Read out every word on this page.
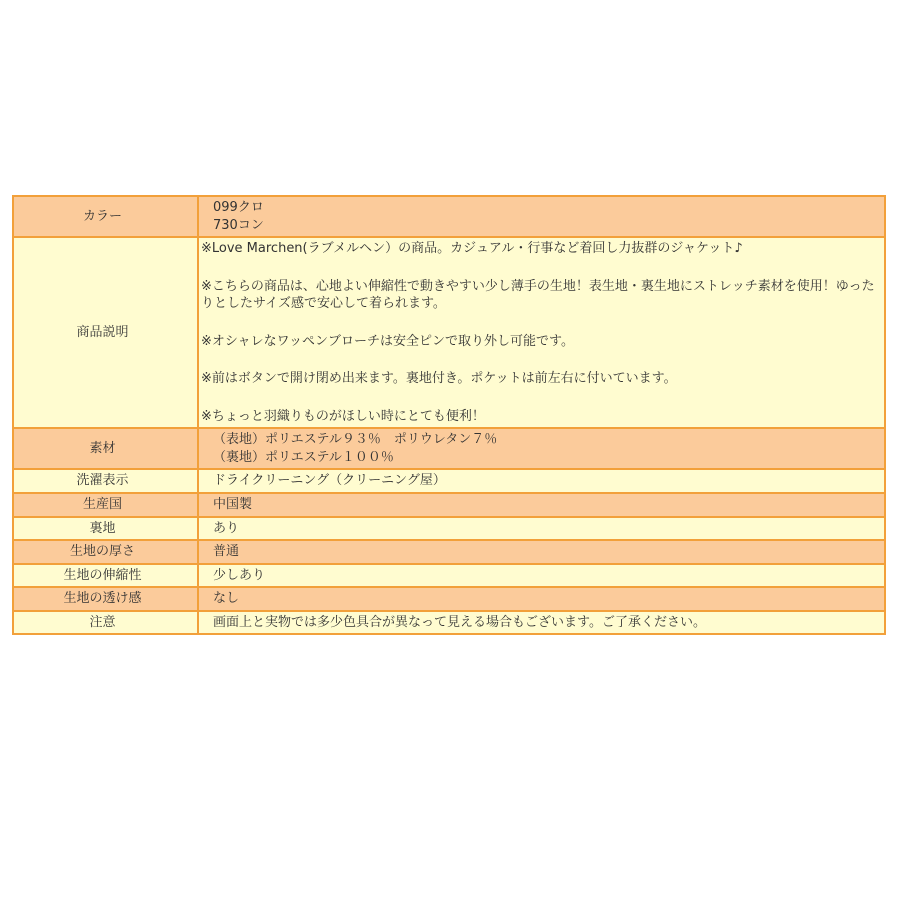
カラー	099クロ
730コン

商品説明	※Love Marchen(ラブメルヘン）の商品。カジュアル・行事など着回し力抜群のジャケット♪
※こちらの商品は、心地よい伸縮性で動きやすい少し薄手の生地！表生地・裏生地にストレッチ素材を使用！ゆったりとしたサイズ感で安心して着られます。
※オシャレなワッペンブローチは安全ピンで取り外し可能です。
※前はボタンで開け閉め出来ます。裏地付き。ポケットは前左右に付いています。
※ちょっと羽織りものがほしい時にとても便利！

素材	（表地）ポリエステル９３％　ポリウレタン７％
（裏地）ポリエステル１００％

洗濯表示	ドライクリーニング（クリーニング屋）
生産国	中国製
裏地	あり
生地の厚さ	普通
生地の伸縮性	少しあり
生地の透け感	なし
注意	画面上と実物では多少色具合が異なって見える場合もございます。ご了承ください。
